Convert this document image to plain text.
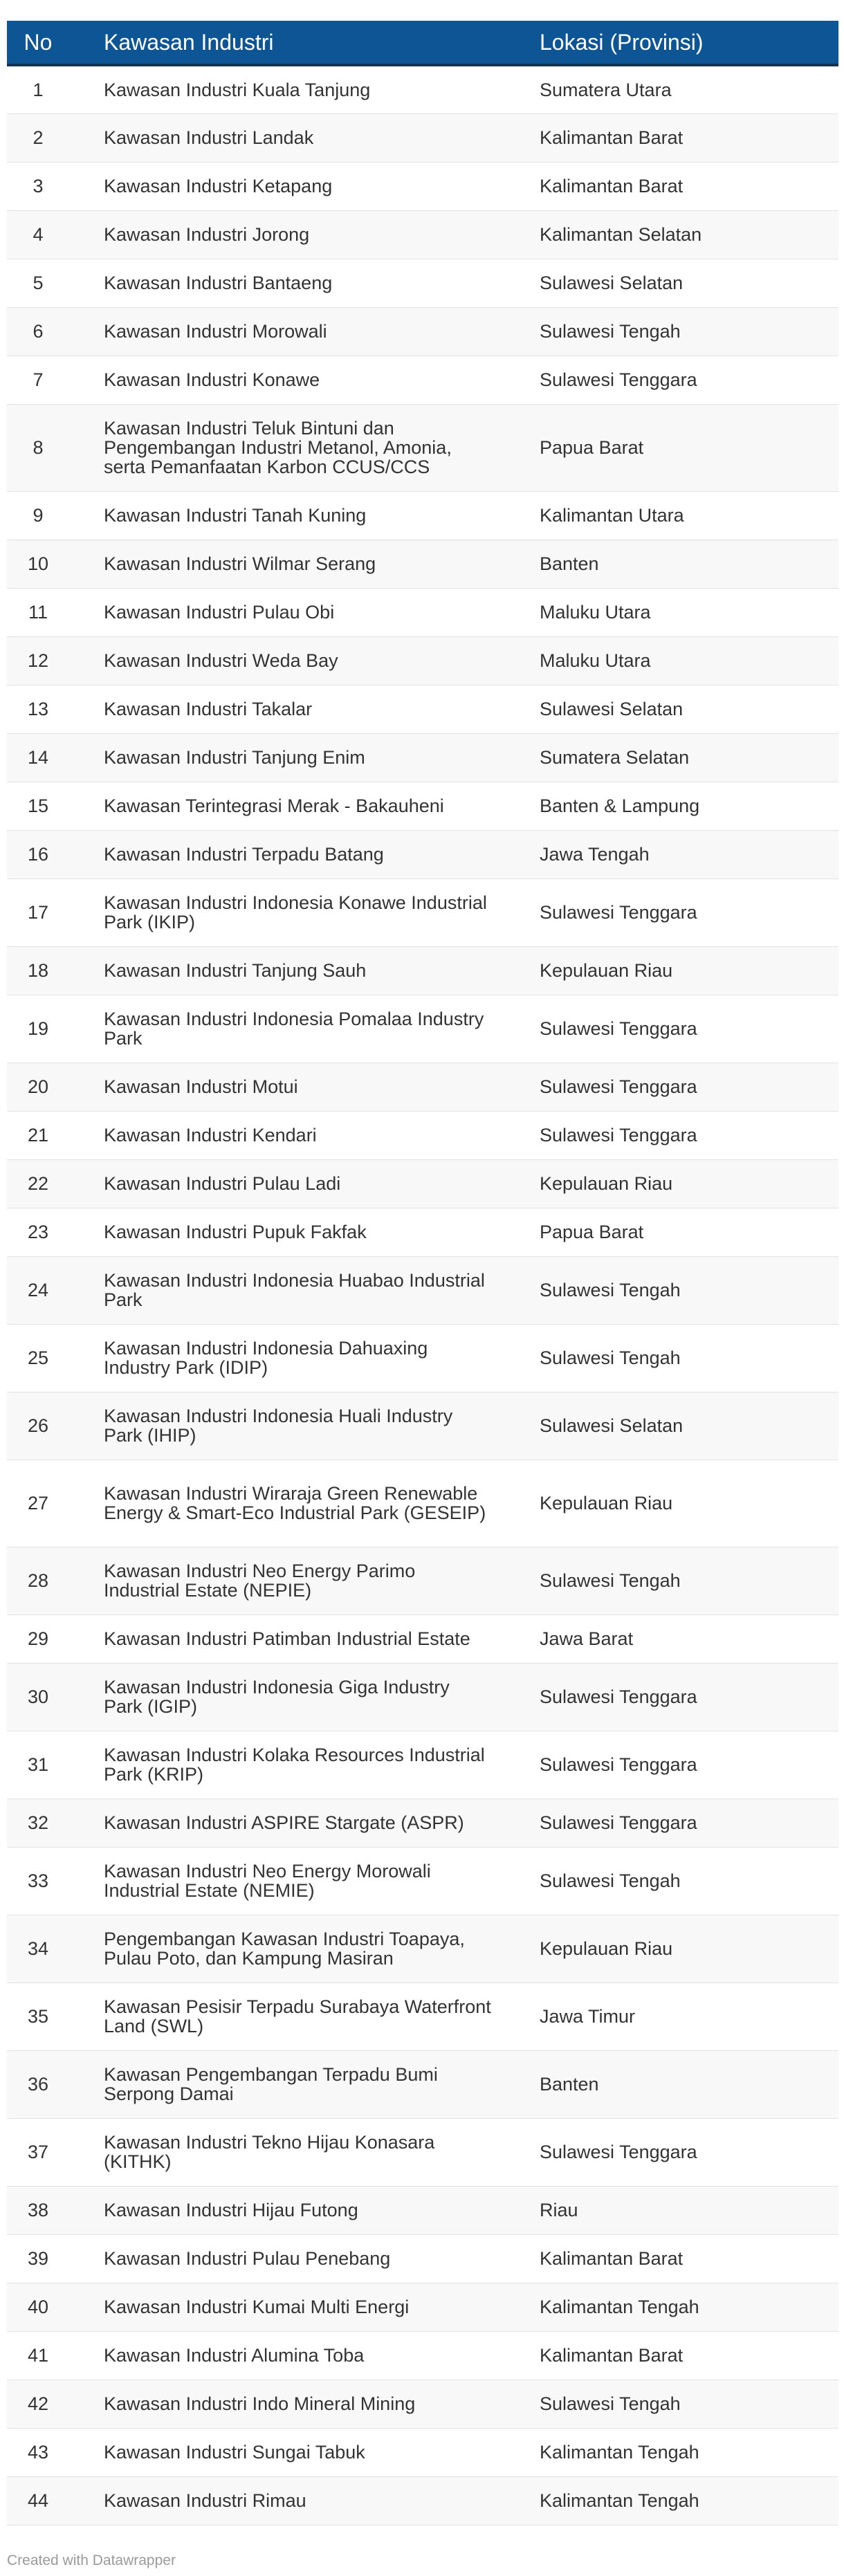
No	Kawasan Industri	Lokasi (Provinsi)
1	Kawasan Industri Kuala Tanjung	Sumatera Utara
2	Kawasan Industri Landak	Kalimantan Barat
3	Kawasan Industri Ketapang	Kalimantan Barat
4	Kawasan Industri Jorong	Kalimantan Selatan
5	Kawasan Industri Bantaeng	Sulawesi Selatan
6	Kawasan Industri Morowali	Sulawesi Tengah
7	Kawasan Industri Konawe	Sulawesi Tenggara
8	Kawasan Industri Teluk Bintuni dan Pengembangan Industri Metanol, Amonia, serta Pemanfaatan Karbon CCUS/CCS	Papua Barat
9	Kawasan Industri Tanah Kuning	Kalimantan Utara
10	Kawasan Industri Wilmar Serang	Banten
11	Kawasan Industri Pulau Obi	Maluku Utara
12	Kawasan Industri Weda Bay	Maluku Utara
13	Kawasan Industri Takalar	Sulawesi Selatan
14	Kawasan Industri Tanjung Enim	Sumatera Selatan
15	Kawasan Terintegrasi Merak - Bakauheni	Banten & Lampung
16	Kawasan Industri Terpadu Batang	Jawa Tengah
17	Kawasan Industri Indonesia Konawe Industrial Park (IKIP)	Sulawesi Tenggara
18	Kawasan Industri Tanjung Sauh	Kepulauan Riau
19	Kawasan Industri Indonesia Pomalaa Industry Park	Sulawesi Tenggara
20	Kawasan Industri Motui	Sulawesi Tenggara
21	Kawasan Industri Kendari	Sulawesi Tenggara
22	Kawasan Industri Pulau Ladi	Kepulauan Riau
23	Kawasan Industri Pupuk Fakfak	Papua Barat
24	Kawasan Industri Indonesia Huabao Industrial Park	Sulawesi Tengah
25	Kawasan Industri Indonesia Dahuaxing Industry Park (IDIP)	Sulawesi Tengah
26	Kawasan Industri Indonesia Huali Industry Park (IHIP)	Sulawesi Selatan
27	Kawasan Industri Wiraraja Green Renewable Energy & Smart-Eco Industrial Park (GESEIP)	Kepulauan Riau
28	Kawasan Industri Neo Energy Parimo Industrial Estate (NEPIE)	Sulawesi Tengah
29	Kawasan Industri Patimban Industrial Estate	Jawa Barat
30	Kawasan Industri Indonesia Giga Industry Park (IGIP)	Sulawesi Tenggara
31	Kawasan Industri Kolaka Resources Industrial Park (KRIP)	Sulawesi Tenggara
32	Kawasan Industri ASPIRE Stargate (ASPR)	Sulawesi Tenggara
33	Kawasan Industri Neo Energy Morowali Industrial Estate (NEMIE)	Sulawesi Tengah
34	Pengembangan Kawasan Industri Toapaya, Pulau Poto, dan Kampung Masiran	Kepulauan Riau
35	Kawasan Pesisir Terpadu Surabaya Waterfront Land (SWL)	Jawa Timur
36	Kawasan Pengembangan Terpadu Bumi Serpong Damai	Banten
37	Kawasan Industri Tekno Hijau Konasara (KITHK)	Sulawesi Tenggara
38	Kawasan Industri Hijau Futong	Riau
39	Kawasan Industri Pulau Penebang	Kalimantan Barat
40	Kawasan Industri Kumai Multi Energi	Kalimantan Tengah
41	Kawasan Industri Alumina Toba	Kalimantan Barat
42	Kawasan Industri Indo Mineral Mining	Sulawesi Tengah
43	Kawasan Industri Sungai Tabuk	Kalimantan Tengah
44	Kawasan Industri Rimau	Kalimantan Tengah
Created with Datawrapper
